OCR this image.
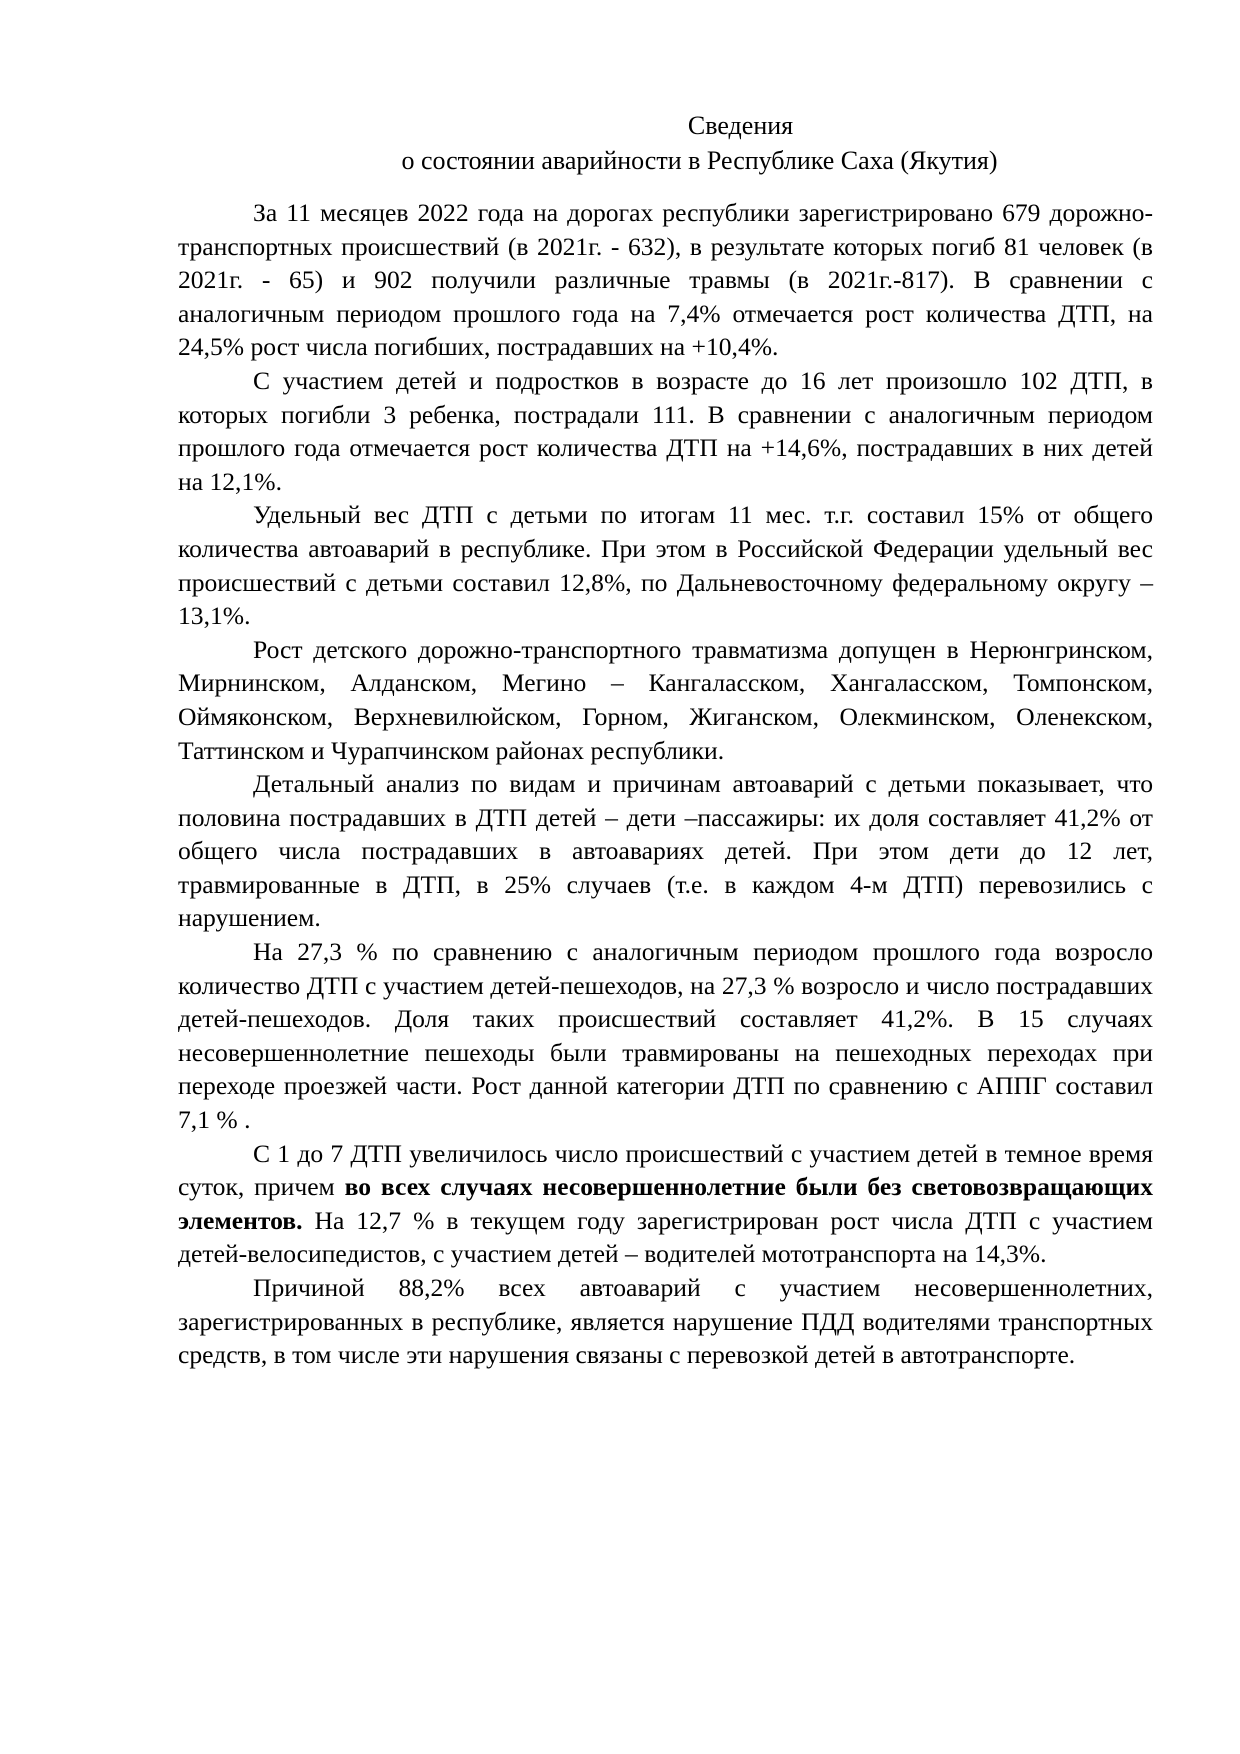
Сведения
о состоянии аварийности в Республике Саха (Якутия)

За 11 месяцев 2022 года на дорогах республики зарегистрировано 679 дорожно-транспортных происшествий (в 2021г. - 632), в результате которых погиб 81 человек (в 2021г. - 65) и 902 получили различные травмы (в 2021г.-817). В сравнении с аналогичным периодом прошлого года на 7,4% отмечается рост количества ДТП, на 24,5% рост числа погибших, пострадавших на +10,4%.

С участием детей и подростков в возрасте до 16 лет произошло 102 ДТП, в которых погибли 3 ребенка, пострадали 111. В сравнении с аналогичным периодом прошлого года отмечается рост количества ДТП на +14,6%, пострадавших в них детей на 12,1%.

Удельный вес ДТП с детьми по итогам 11 мес. т.г. составил 15% от общего количества автоаварий в республике. При этом в Российской Федерации удельный вес происшествий с детьми составил 12,8%, по Дальневосточному федеральному округу – 13,1%.

Рост детского дорожно-транспортного травматизма допущен в Нерюнгринском, Мирнинском, Алданском, Мегино – Кангаласском, Хангаласском, Томпонском, Оймяконском, Верхневилюйском, Горном, Жиганском, Олекминском, Оленекском, Таттинском и Чурапчинском районах республики.

Детальный анализ по видам и причинам автоаварий с детьми показывает, что половина пострадавших в ДТП детей – дети –пассажиры: их доля составляет 41,2% от общего числа пострадавших в автоавариях детей. При этом дети до 12 лет, травмированные в ДТП, в 25% случаев (т.е. в каждом 4-м ДТП) перевозились с нарушением.

На 27,3 % по сравнению с аналогичным периодом прошлого года возросло количество ДТП с участием детей-пешеходов, на 27,3 % возросло и число пострадавших детей-пешеходов. Доля таких происшествий составляет 41,2%. В 15 случаях несовершеннолетние пешеходы были травмированы на пешеходных переходах при переходе проезжей части. Рост данной категории ДТП по сравнению с АППГ составил 7,1 % .

С 1 до 7 ДТП увеличилось число происшествий с участием детей в темное время суток, причем во всех случаях несовершеннолетние были без световозвращающих элементов. На 12,7 % в текущем году зарегистрирован рост числа ДТП с участием детей-велосипедистов, с участием детей – водителей мототранспорта на 14,3%.

Причиной 88,2% всех автоаварий с участием несовершеннолетних, зарегистрированных в республике, является нарушение ПДД водителями транспортных средств, в том числе эти нарушения связаны с перевозкой детей в автотранспорте.
